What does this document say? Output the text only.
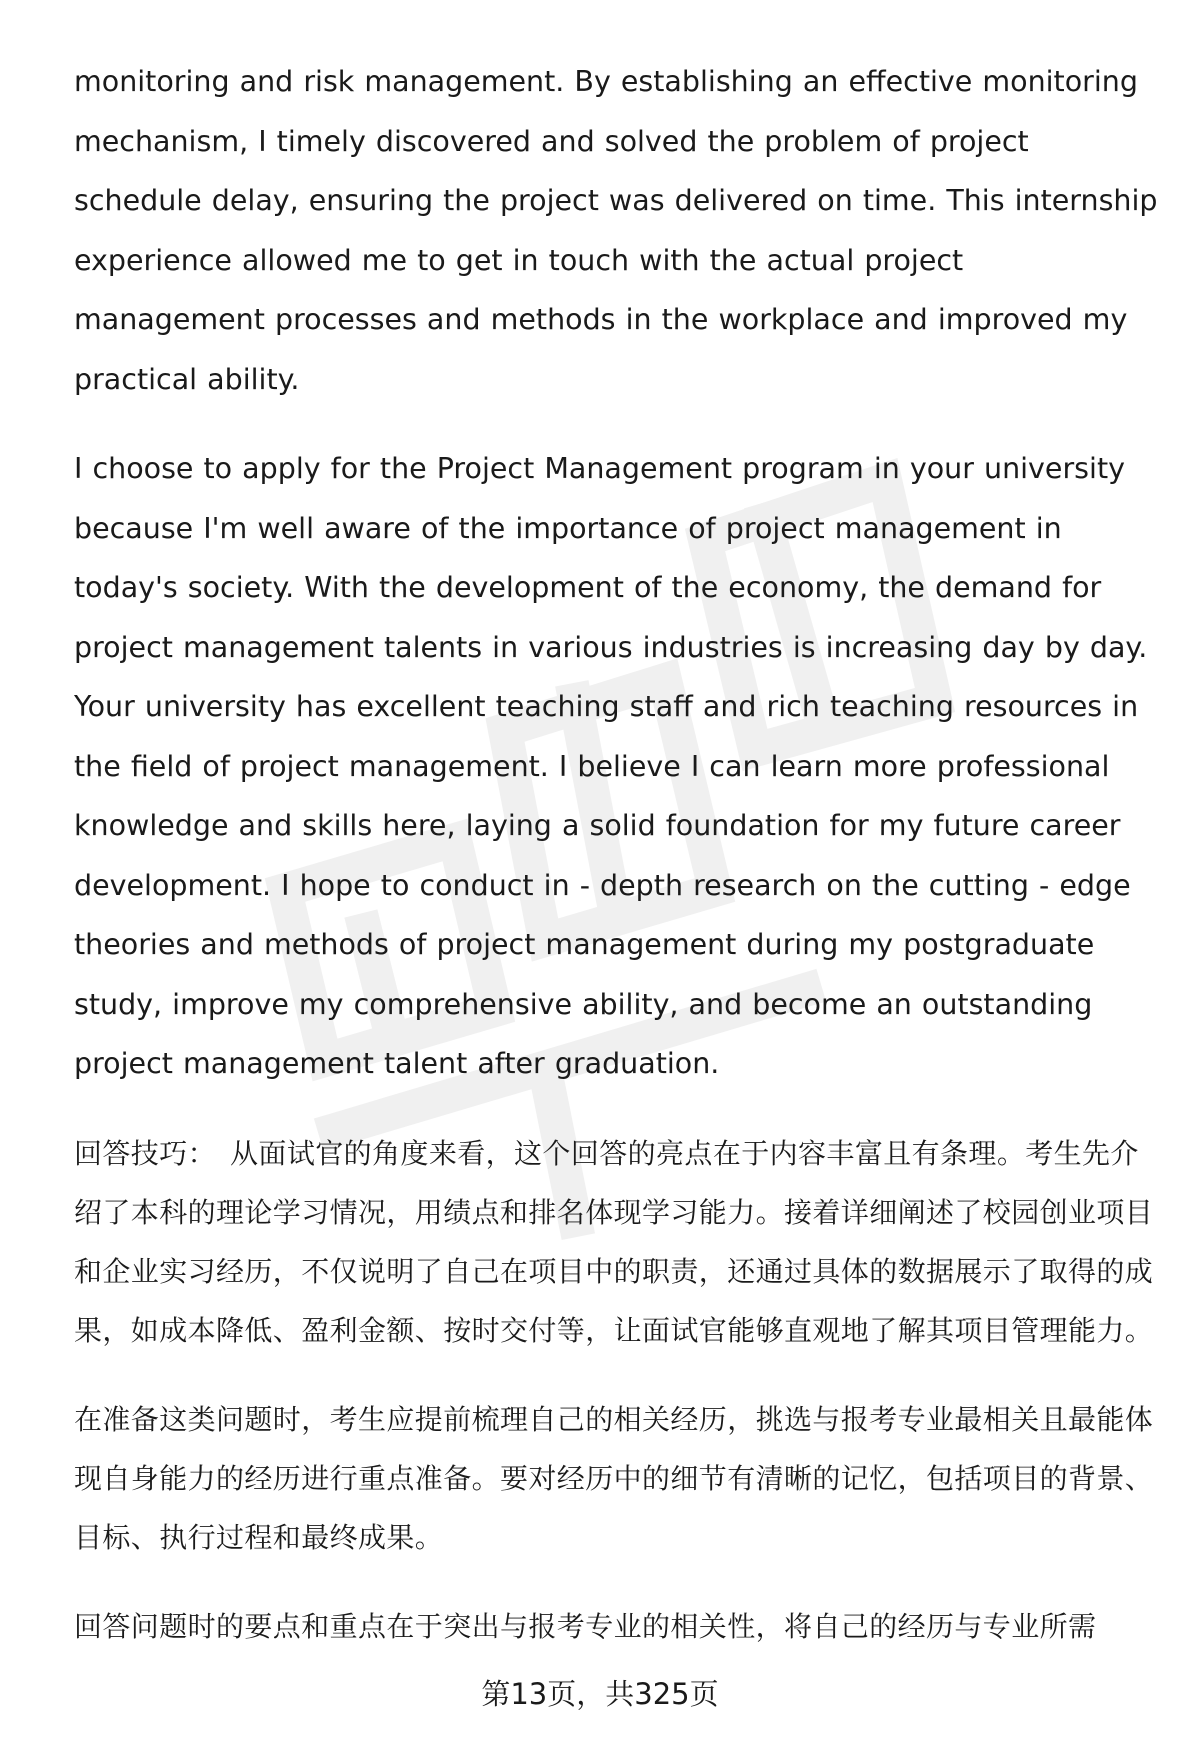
monitoring and risk management. By establishing an effective monitoring mechanism, I timely discovered and solved the problem of project schedule delay, ensuring the project was delivered on time. This internship experience allowed me to get in touch with the actual project management processes and methods in the workplace and improved my practical ability.

I choose to apply for the Project Management program in your university because I'm well aware of the importance of project management in today's society. With the development of the economy, the demand for project management talents in various industries is increasing day by day. Your university has excellent teaching staff and rich teaching resources in the field of project management. I believe I can learn more professional knowledge and skills here, laying a solid foundation for my future career development. I hope to conduct in - depth research on the cutting - edge theories and methods of project management during my postgraduate study, improve my comprehensive ability, and become an outstanding project management talent after graduation.

回答技巧： 从面试官的角度来看，这个回答的亮点在于内容丰富且有条理。考生先介绍了本科的理论学习情况，用绩点和排名体现学习能力。接着详细阐述了校园创业项目和企业实习经历，不仅说明了自己在项目中的职责，还通过具体的数据展示了取得的成果，如成本降低、盈利金额、按时交付等，让面试官能够直观地了解其项目管理能力。

在准备这类问题时，考生应提前梳理自己的相关经历，挑选与报考专业最相关且最能体现自身能力的经历进行重点准备。要对经历中的细节有清晰的记忆，包括项目的背景、目标、执行过程和最终成果。

回答问题时的要点和重点在于突出与报考专业的相关性，将自己的经历与专业所需

第13页，共325页
